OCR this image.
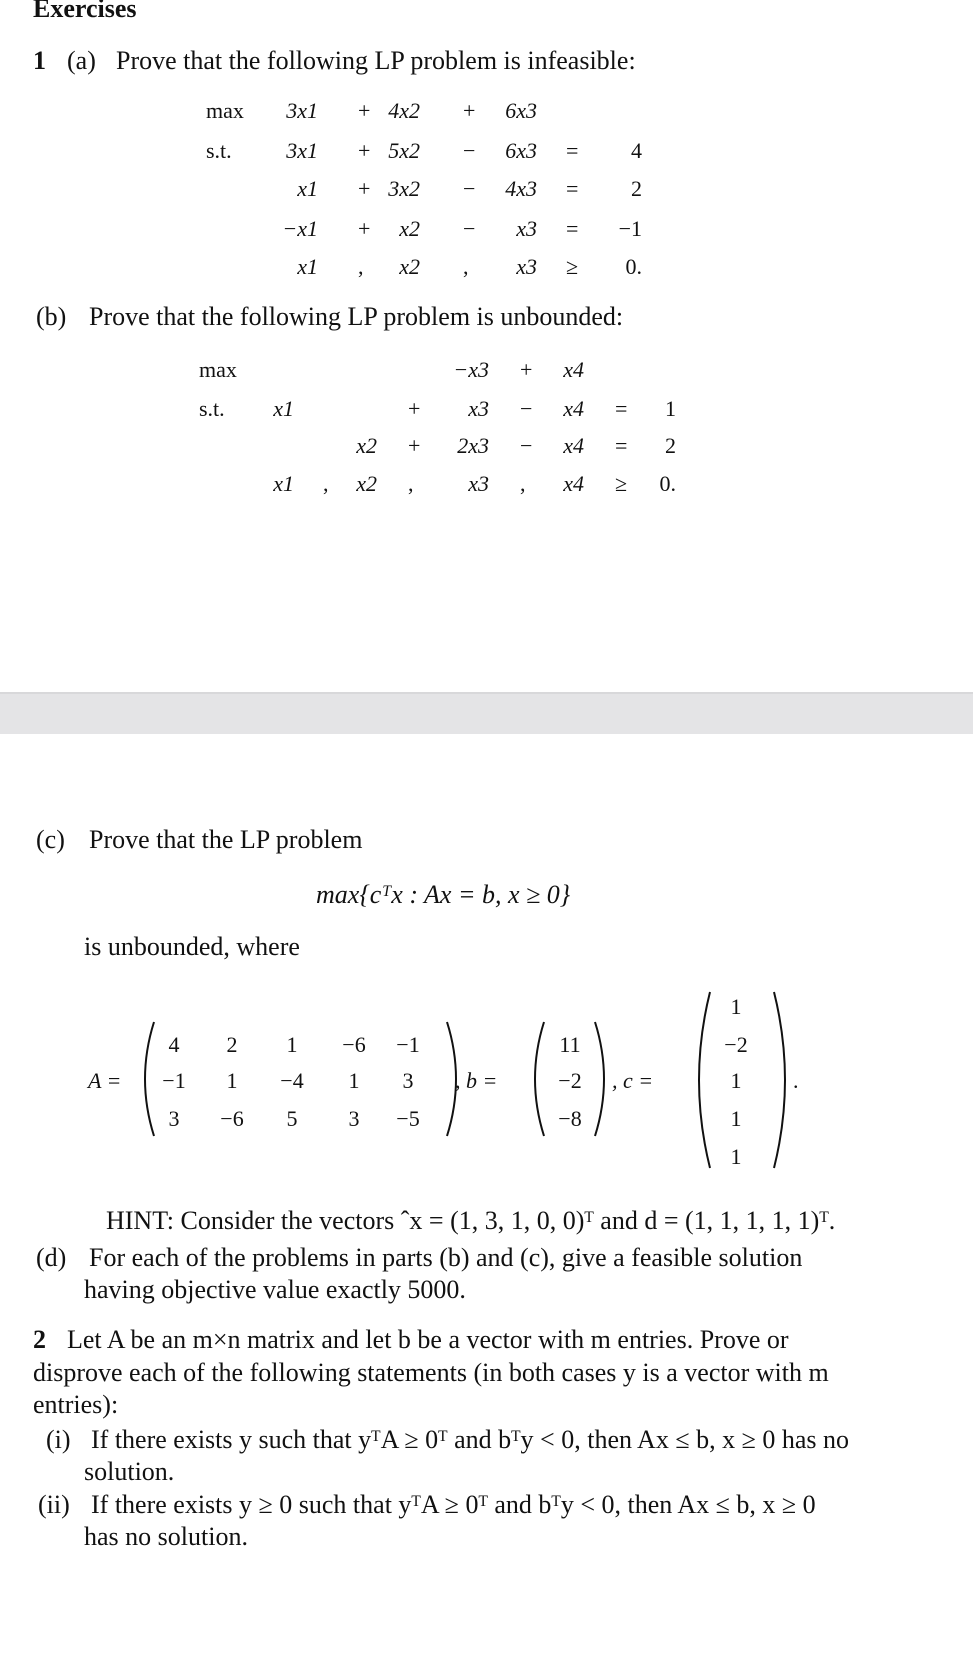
Exercises
1 (a) Prove that the following LP problem is infeasible:
max 3x1 + 4x2 + 6x3
s.t. 3x1 + 5x2 − 6x3 = 4
x1 + 3x2 − 4x3 = 2
−x1 + x2 − x3 = −1
x1 , x2 , x3 ≥ 0.
(b) Prove that the following LP problem is unbounded:
max	−x3 + x4
s.t. x1	+ x3 − x4 = 1
x2 + 2x3 − x4 = 2
x1 , x2 , x3 , x4 ≥ 0.
(c) Prove that the LP problem
max{cᵀx : Ax = b, x ≥ 0}
is unbounded, where
A =
4	2	1	−6	−1
−1	1	−4	1	3
3	−6	5	3	−5
, b =
11
−2
−8
, c =
1
−2
1
1
1
.
HINT: Consider the vectors ˆx = (1, 3, 1, 0, 0)ᵀ and d = (1, 1, 1, 1, 1)ᵀ.
(d) For each of the problems in parts (b) and (c), give a feasible solution
having objective value exactly 5000.
2 Let A be an m×n matrix and let b be a vector with m entries. Prove or
disprove each of the following statements (in both cases y is a vector with m
entries):
(i) If there exists y such that yᵀA ≥ 0ᵀ and bᵀy < 0, then Ax ≤ b, x ≥ 0 has no
solution.
(ii) If there exists y ≥ 0 such that yᵀA ≥ 0ᵀ and bᵀy < 0, then Ax ≤ b, x ≥ 0
has no solution.
